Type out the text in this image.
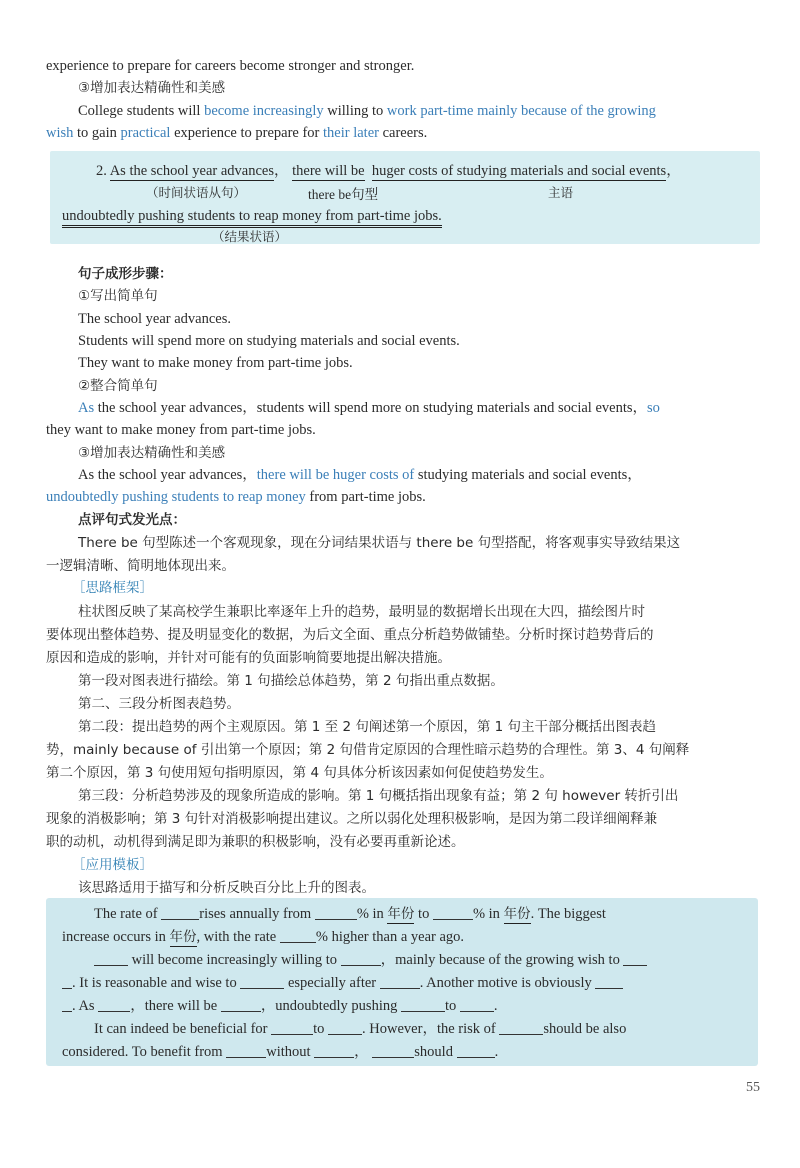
experience to prepare for careers become stronger and stronger.
③增加表达精确性和美感
College students will become increasingly willing to work part-time mainly because of the growing
wish to gain practical experience to prepare for their later careers.
2. As the school year advances， there will be huger costs of studying materials and social events，
（时间状语从句）	there be句型	主语
undoubtedly pushing students to reap money from part-time jobs.
（结果状语）
句子成形步骤：
①写出简单句
The school year advances.
Students will spend more on studying materials and social events.
They want to make money from part-time jobs.
②整合简单句
As the school year advances，students will spend more on studying materials and social events，so
they want to make money from part-time jobs.
③增加表达精确性和美感
As the school year advances，there will be huger costs of studying materials and social events，
undoubtedly pushing students to reap money from part-time jobs.
点评句式发光点：
There be 句型陈述一个客观现象，现在分词结果状语与 there be 句型搭配，将客观事实导致结果这
一逻辑清晰、简明地体现出来。
［思路框架］
柱状图反映了某高校学生兼职比率逐年上升的趋势，最明显的数据增长出现在大四，描绘图片时
要体现出整体趋势、提及明显变化的数据，为后文全面、重点分析趋势做铺垫。分析时探讨趋势背后的
原因和造成的影响，并针对可能有的负面影响简要地提出解决措施。
第一段对图表进行描绘。第 1 句描绘总体趋势，第 2 句指出重点数据。
第二、三段分析图表趋势。
第二段：提出趋势的两个主观原因。第 1 至 2 句阐述第一个原因，第 1 句主干部分概括出图表趋
势，mainly because of 引出第一个原因；第 2 句借肯定原因的合理性暗示趋势的合理性。第 3、4 句阐释
第二个原因，第 3 句使用短句指明原因，第 4 句具体分析该因素如何促使趋势发生。
第三段：分析趋势涉及的现象所造成的影响。第 1 句概括指出现象有益；第 2 句 however 转折引出
现象的消极影响；第 3 句针对消极影响提出建议。之所以弱化处理积极影响，是因为第二段详细阐释兼
职的动机，动机得到满足即为兼职的积极影响，没有必要再重新论述。
［应用模板］
该思路适用于描写和分析反映百分比上升的图表。
The rate of	rises annually from	% in 年份 to	% in 年份. The biggest
increase occurs in 年份, with the rate	% higher than a year ago.
will become increasingly willing to	，mainly because of the growing wish to
. It is reasonable and wise to	especially after	. Another motive is obviously
. As ，there will be	，undoubtedly pushing	to	.
It can indeed be beneficial for	to	. However，the risk of	should be also
considered. To benefit from	without	，	should	.
55
